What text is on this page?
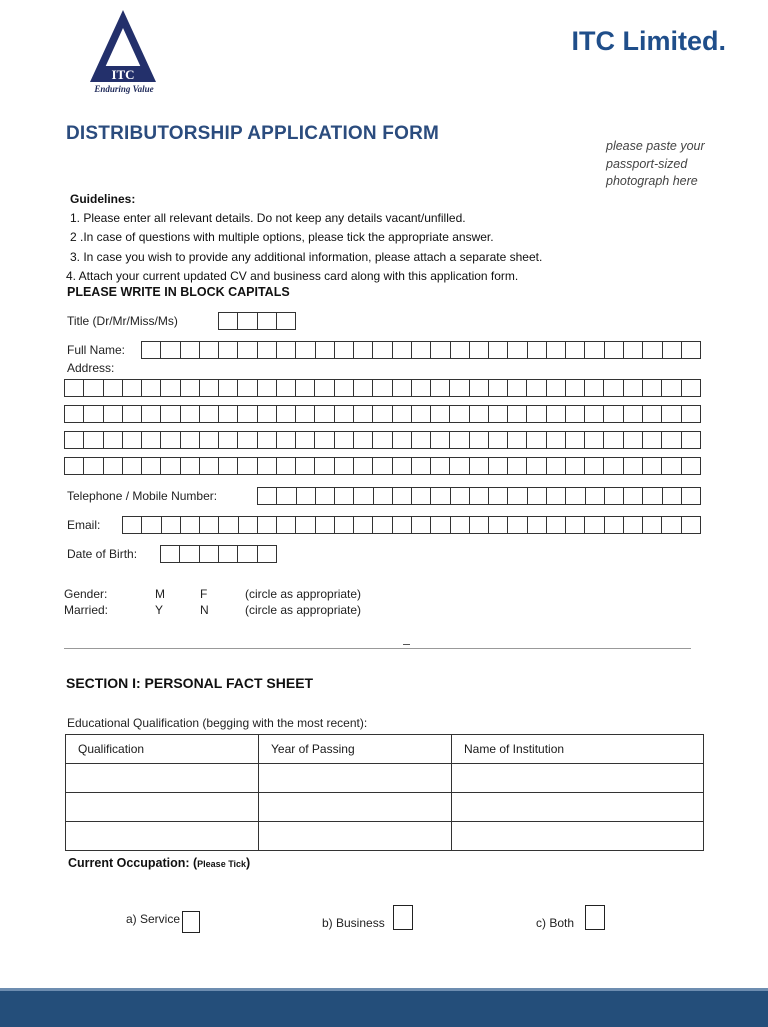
ITC
Enduring Value
ITC Limited.
DISTRIBUTORSHIP APPLICATION FORM
please paste your passport-sized photograph here
Guidelines:
1. Please enter all relevant details. Do not keep any details vacant/unfilled.
2 .In case of questions with multiple options, please tick the appropriate answer.
3. In case you wish to provide any additional information, please attach a separate sheet.
4. Attach your current updated CV and business card along with this application form.
PLEASE WRITE IN BLOCK CAPITALS
Title (Dr/Mr/Miss/Ms)
Full Name:
Address:
Telephone / Mobile Number:
Email:
Date of Birth:
Gender:	M	F	(circle as appropriate)
Married:	Y	N	(circle as appropriate)
SECTION I: PERSONAL FACT SHEET
Educational Qualification (begging with the most recent):
Qualification	Year of Passing	Name of Institution

Current Occupation: (Please Tick)
a) Service	b) Business	c) Both
